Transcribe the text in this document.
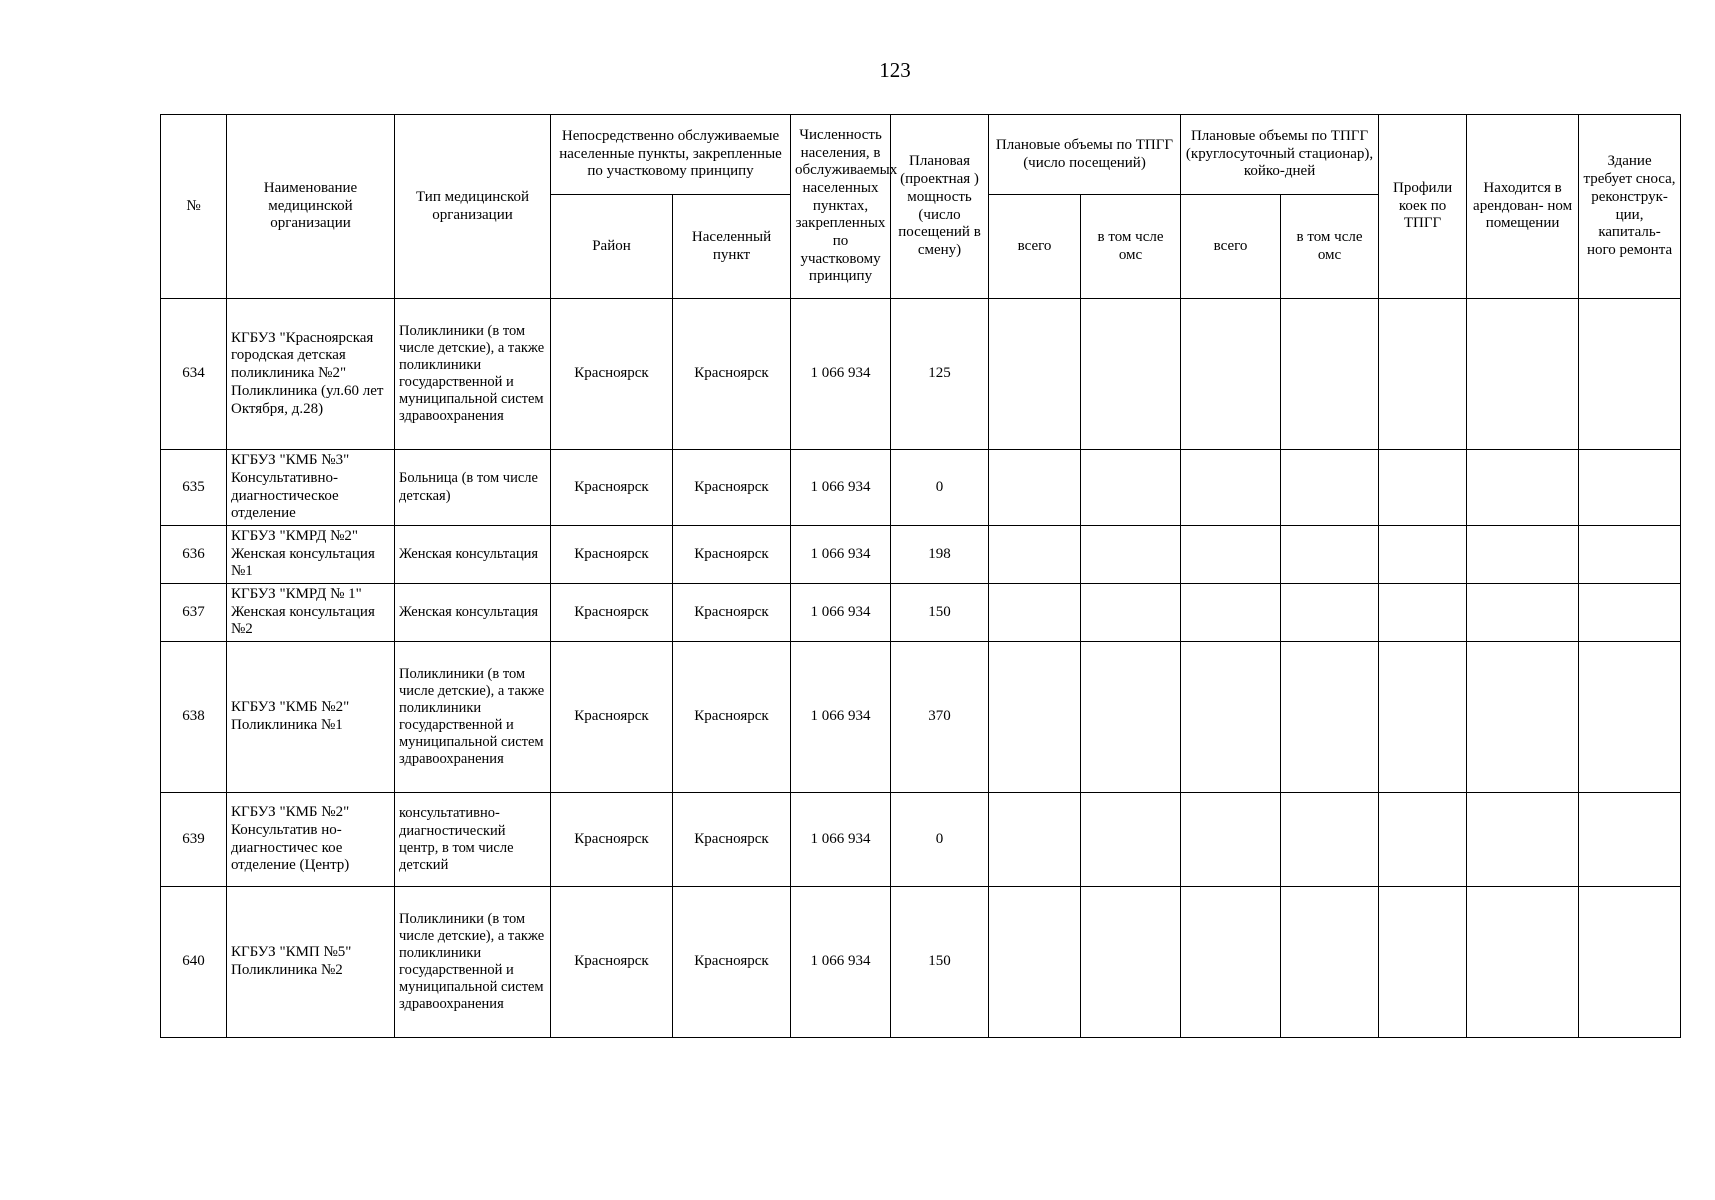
123
№	Наименование медицинской организации	Тип медицинской организации	Непосредственно обслуживаемые населенные пункты, закрепленные по участковому принципу		Численность населения, в обслуживаемых населенных пунктах, закрепленных по участковому принципу	Плановая (проектная ) мощность (число посещений в смену)	Плановые объемы по ТПГГ (число посещений)		Плановые объемы по ТПГГ (круглосуточный стационар), койко-дней		Профили коек по ТПГГ	Находится в арендован- ном помещении	Здание требует сноса, реконструк- ции, капиталь- ного ремонта
			Район	Населенный пункт			всего	в том чсле омс	всего	в том чсле омс			
634	КГБУЗ "Красноярская городская детская поликлиника №2" Поликлиника (ул.60 лет Октября, д.28)	Поликлиники (в том числе детские), а также поликлиники государственной и муниципальной систем здравоохранения	Красноярск	Красноярск	1 066 934	125							
635	КГБУЗ "КМБ №3" Консультативно-диагностическое отделение	Больница (в том числе детская)	Красноярск	Красноярск	1 066 934	0							
636	КГБУЗ "КМРД №2" Женская консультация №1	Женская консультация	Красноярск	Красноярск	1 066 934	198							
637	КГБУЗ "КМРД № 1" Женская консультация №2	Женская консультация	Красноярск	Красноярск	1 066 934	150							
638	КГБУЗ "КМБ №2" Поликлиника №1	Поликлиники (в том числе детские), а также поликлиники государственной и муниципальной систем здравоохранения	Красноярск	Красноярск	1 066 934	370							
639	КГБУЗ "КМБ №2" Консультатив но-диагностичес кое отделение (Центр)	консультативно-диагностический центр, в том числе детский	Красноярск	Красноярск	1 066 934	0							
640	КГБУЗ "КМП №5" Поликлиника №2	Поликлиники (в том числе детские), а также поликлиники государственной и муниципальной систем здравоохранения	Красноярск	Красноярск	1 066 934	150							
